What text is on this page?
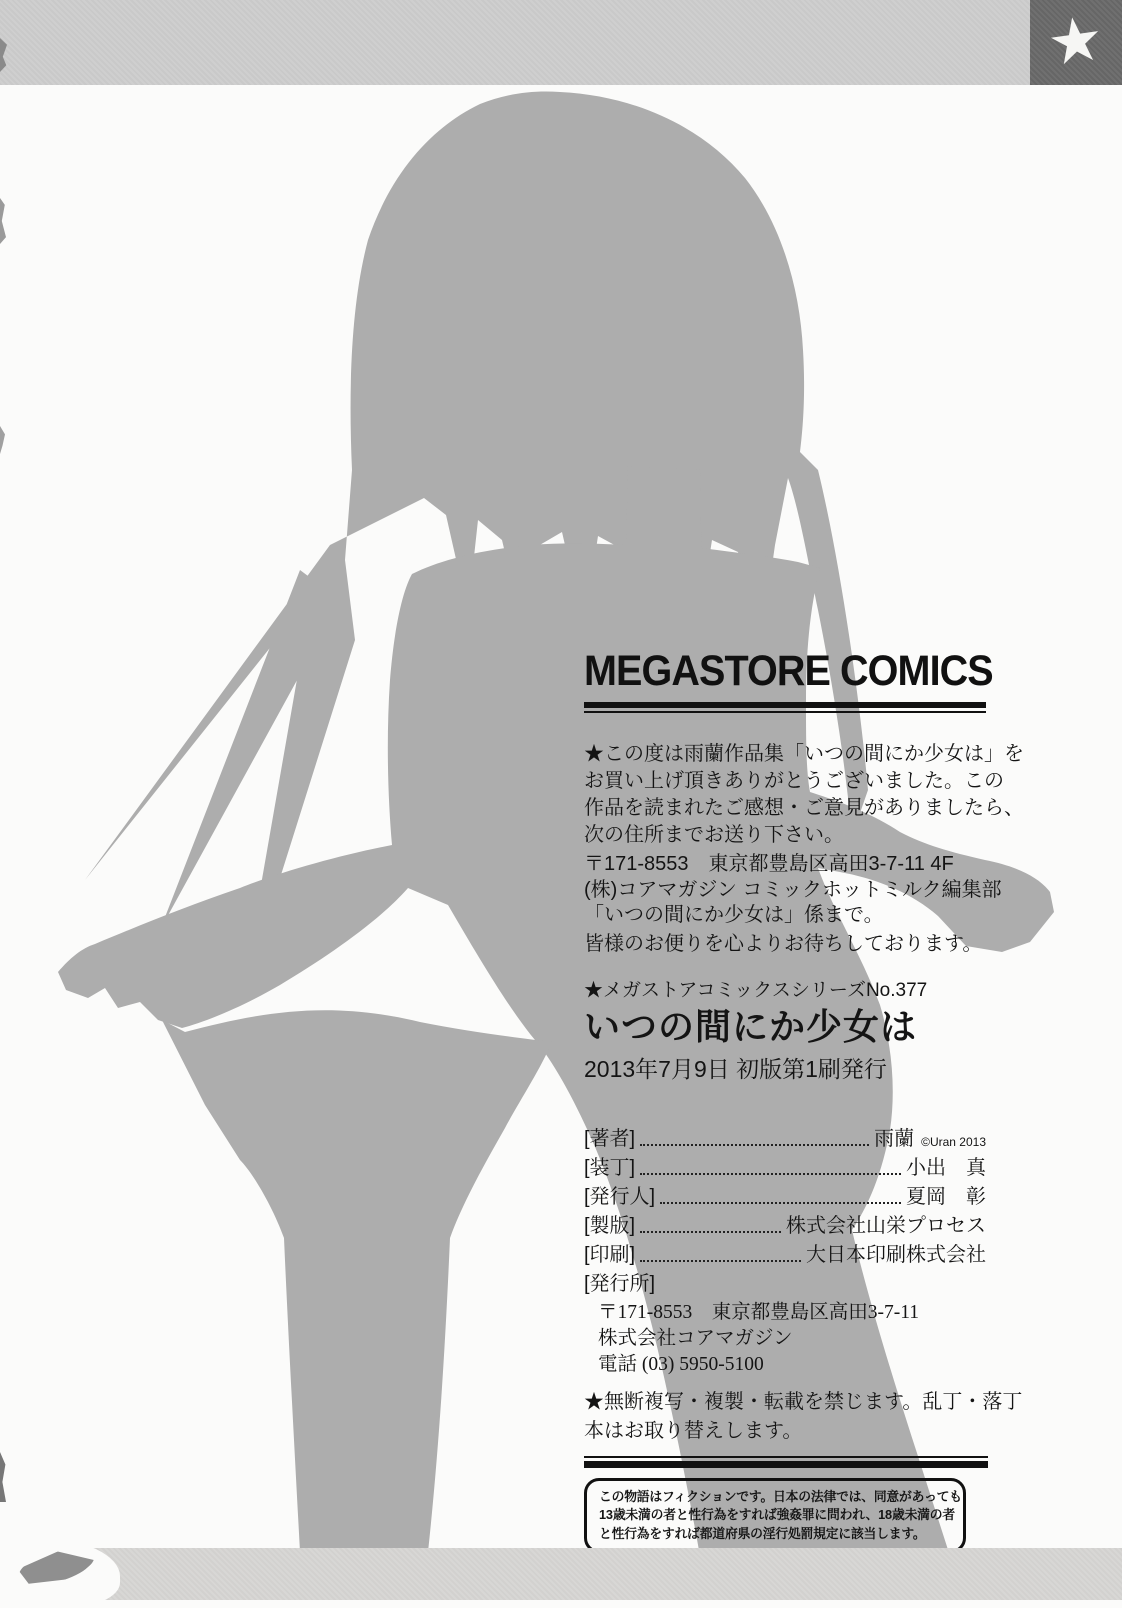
★
MEGASTORE COMICS
★この度は雨蘭作品集「いつの間にか少女は」を
お買い上げ頂きありがとうございました。この
作品を読まれたご感想・ご意見がありましたら、
次の住所までお送り下さい。
〒171-8553　東京都豊島区高田3-7-11 4F
(株)コアマガジン コミックホットミルク編集部
「いつの間にか少女は」係まで。
皆様のお便りを心よりお待ちしております。
★メガストアコミックスシリーズNo.377
いつの間にか少女は
2013年7月9日 初版第1刷発行
[著者]	雨蘭 ©Uran 2013
[装丁]	小出　真
[発行人]	夏岡　彰
[製版]	株式会社山栄プロセス
[印刷]	大日本印刷株式会社
[発行所]
〒171-8553　東京都豊島区高田3-7-11
株式会社コアマガジン
電話 (03) 5950-5100
★無断複写・複製・転載を禁じます。乱丁・落丁
本はお取り替えします。
この物語はフィクションです。日本の法律では、同意があっても
13歳未満の者と性行為をすれば強姦罪に問われ、18歳未満の者
と性行為をすれば都道府県の淫行処罰規定に該当します。
